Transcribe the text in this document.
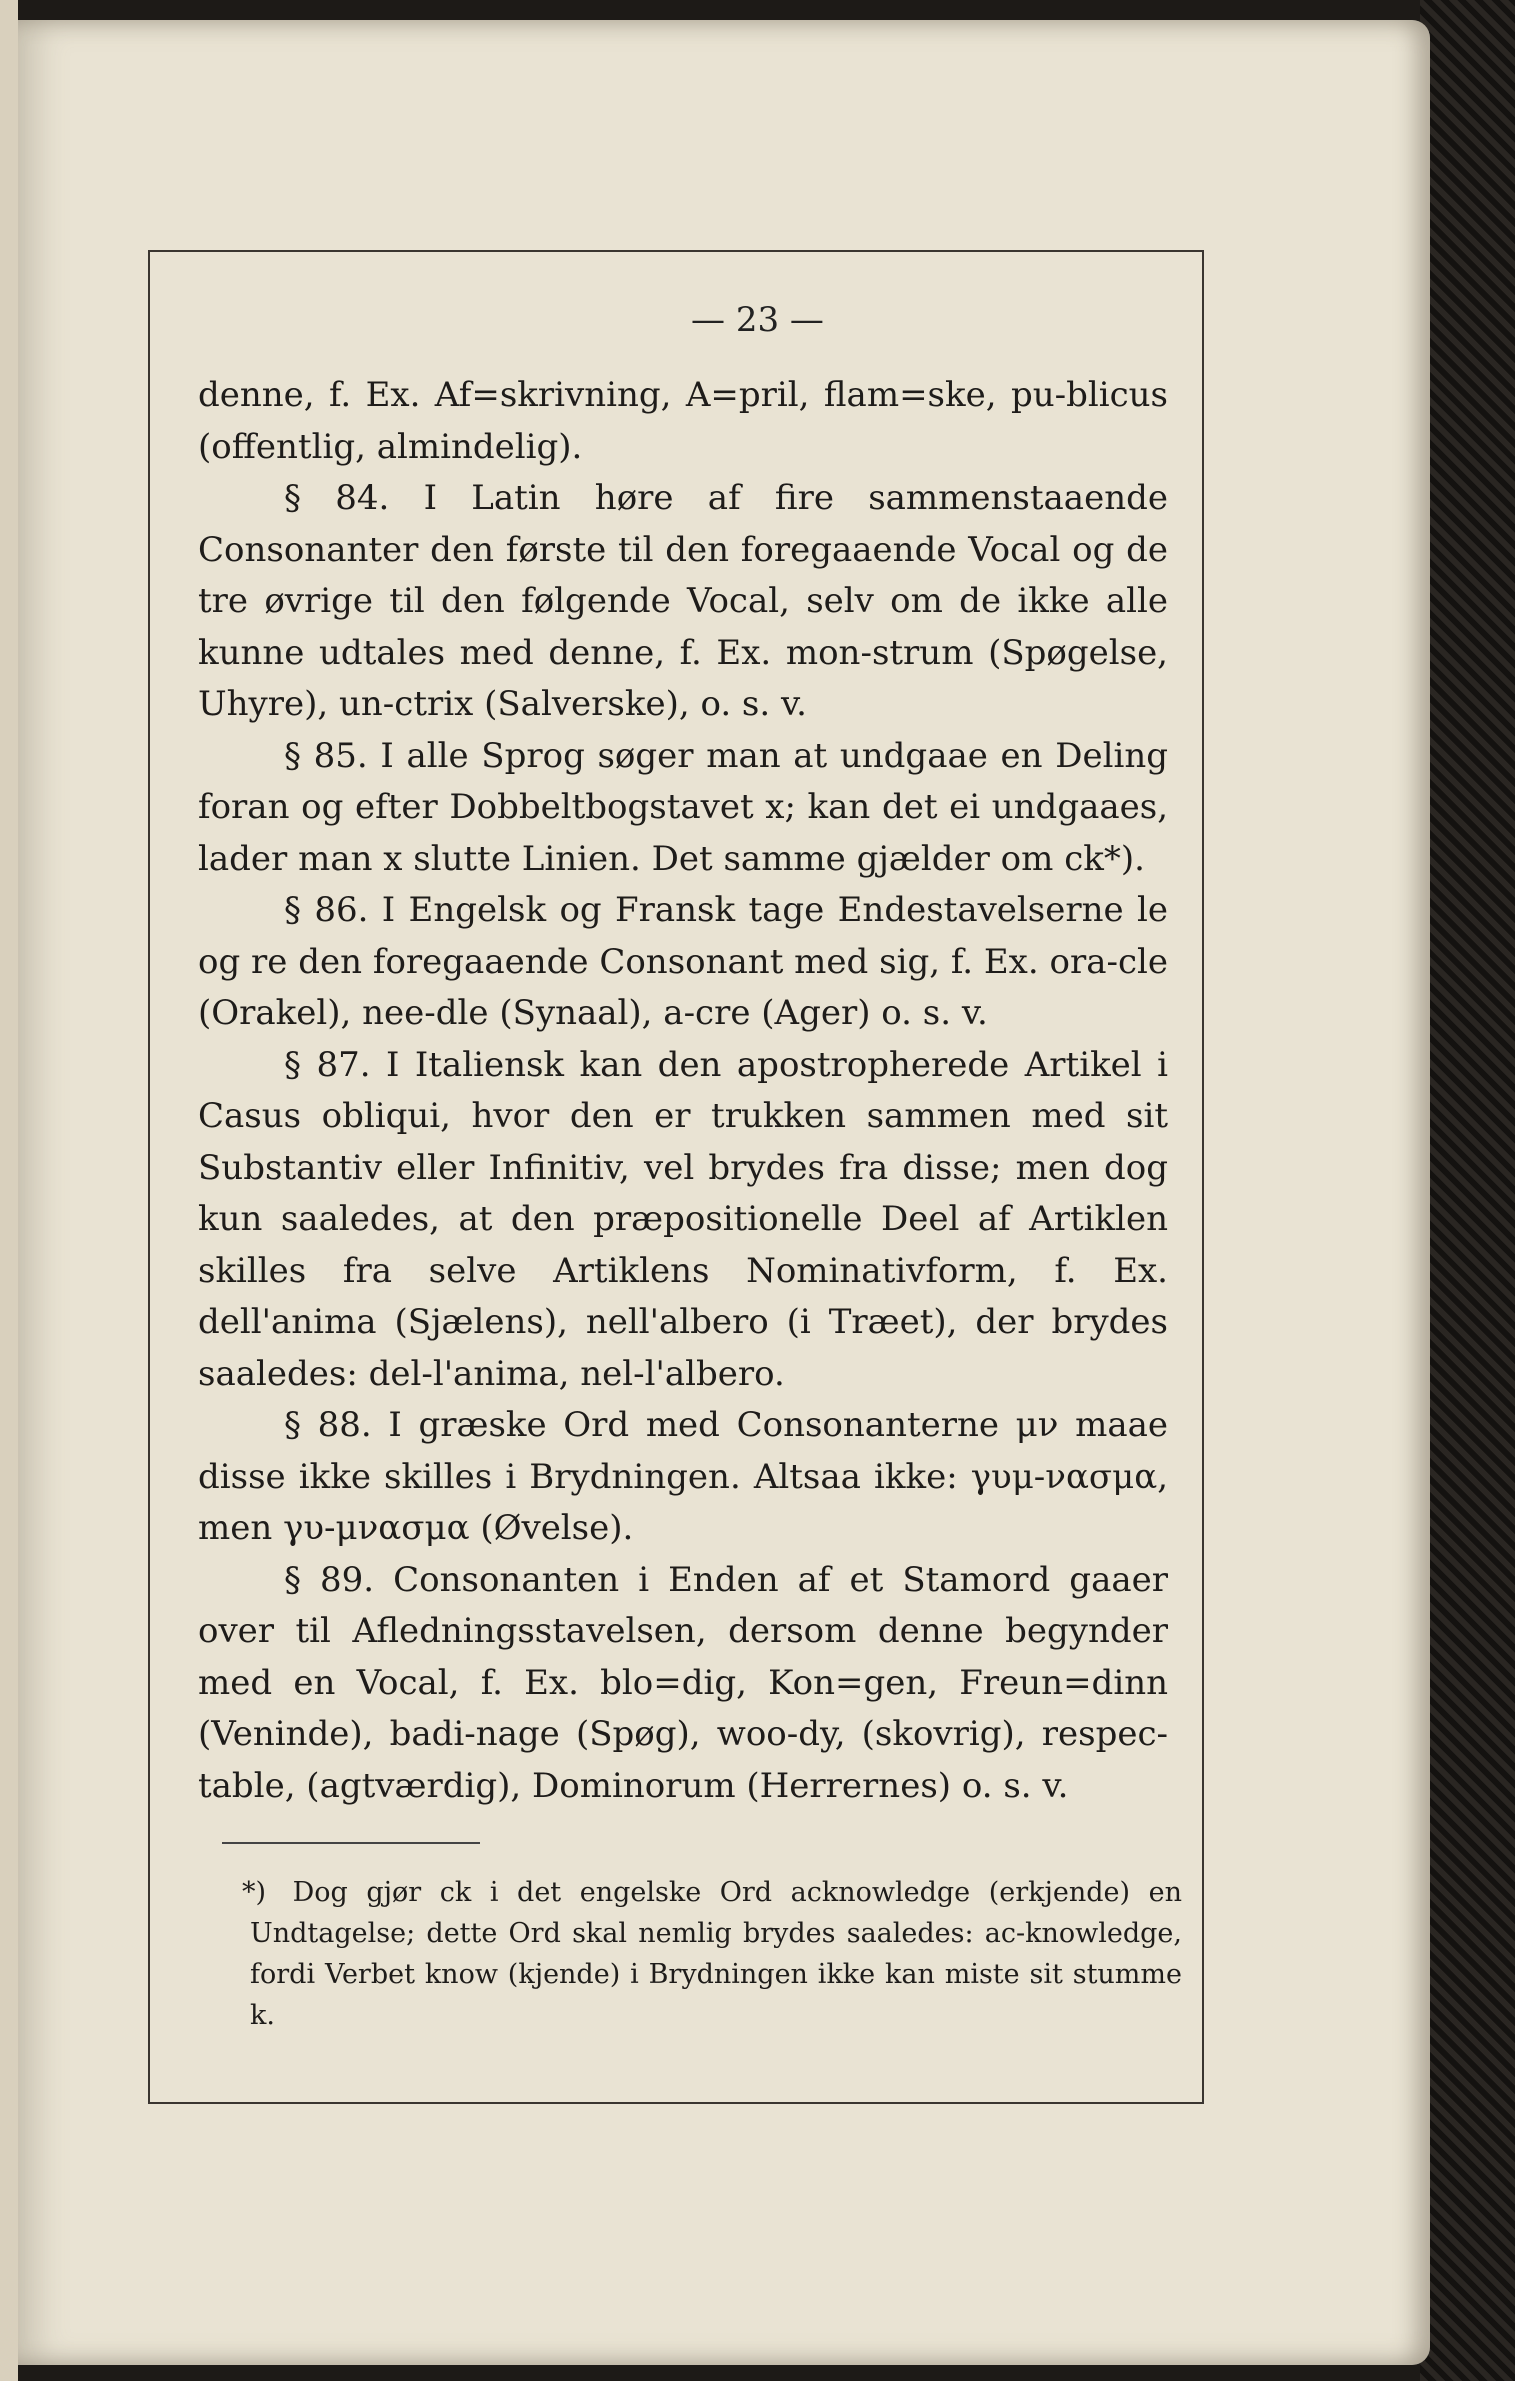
— 23 —

denne, f. Ex. Af=skrivning, A=pril, flam=ske, pu-blicus (offentlig, almindelig).

§ 84. I Latin høre af fire sammenstaaende Consonanter den første til den foregaaende Vocal og de tre øvrige til den følgende Vocal, selv om de ikke alle kunne udtales med denne, f. Ex. mon-strum (Spøgelse, Uhyre), un-ctrix (Salverske), o. s. v.

§ 85. I alle Sprog søger man at undgaae en Deling foran og efter Dobbeltbogstavet x; kan det ei undgaaes, lader man x slutte Linien. Det samme gjælder om ck*).

§ 86. I Engelsk og Fransk tage Endestavelserne le og re den foregaaende Consonant med sig, f. Ex. ora-cle (Orakel), nee-dle (Synaal), a-cre (Ager) o. s. v.

§ 87. I Italiensk kan den apostropherede Artikel i Casus obliqui, hvor den er trukken sammen med sit Substantiv eller Infinitiv, vel brydes fra disse; men dog kun saaledes, at den præpositionelle Deel af Artiklen skilles fra selve Artiklens Nominativform, f. Ex. dell'anima (Sjælens), nell'albero (i Træet), der brydes saaledes: del-l'anima, nel-l'albero.

§ 88. I græske Ord med Consonanterne μν maae disse ikke skilles i Brydningen. Altsaa ikke: γυμ-νασμα, men γυ-μνασμα (Øvelse).

§ 89. Consonanten i Enden af et Stamord gaaer over til Afledningsstavelsen, dersom denne begynder med en Vocal, f. Ex. blo=dig, Kon=gen, Freun=dinn (Veninde), badi-nage (Spøg), woo-dy, (skovrig), respec-table, (agtværdig), Dominorum (Herrernes) o. s. v.

*) Dog gjør ck i det engelske Ord acknowledge (erkjende) en Undtagelse; dette Ord skal nemlig brydes saaledes: ac-knowledge, fordi Verbet know (kjende) i Brydningen ikke kan miste sit stumme k.
